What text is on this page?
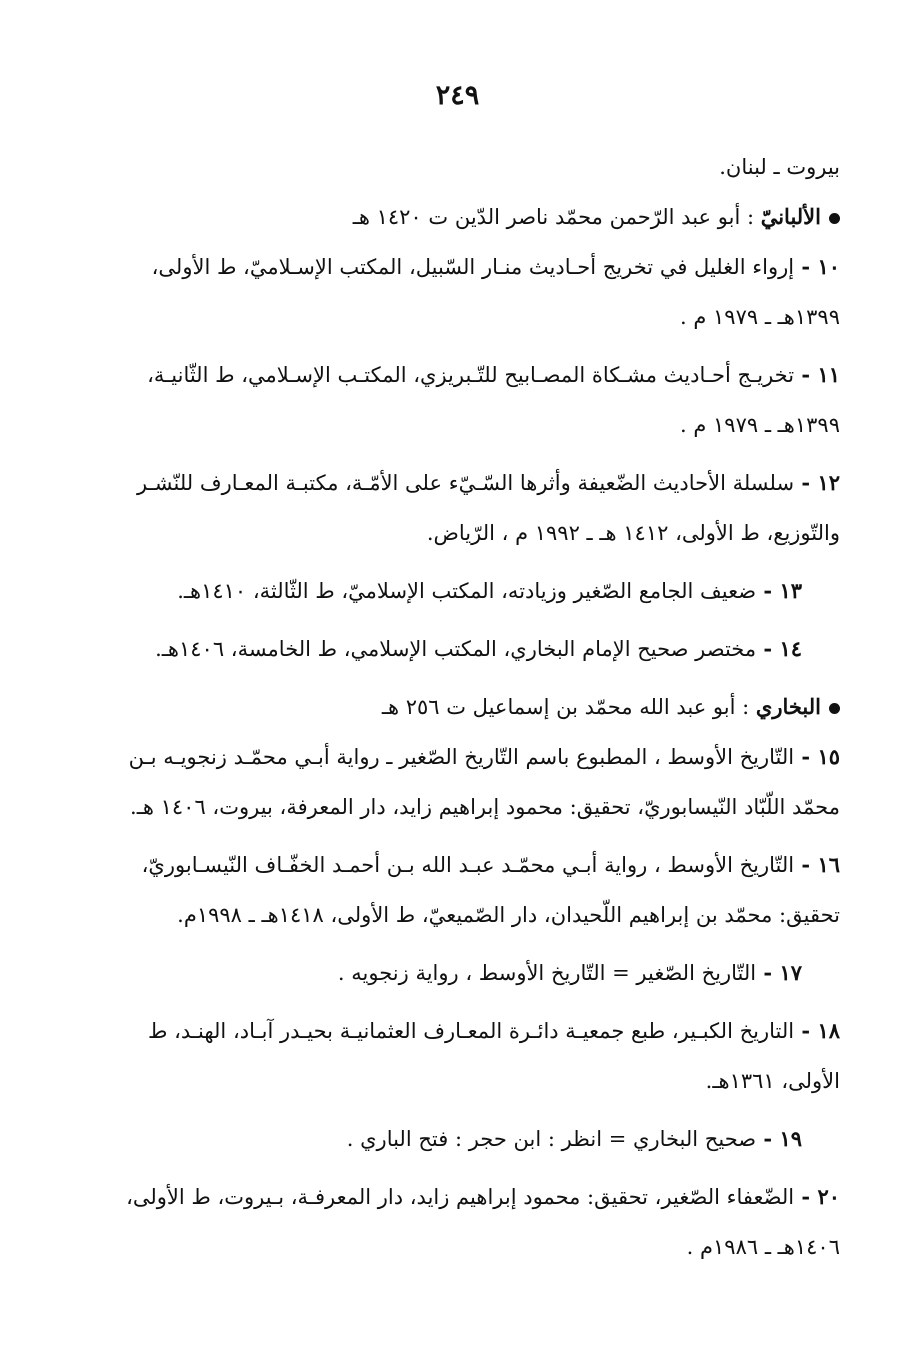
٢٤٩
بيروت ـ لبنان.
الألبانيّ : أبو عبد الرّحمن محمّد ناصر الدّين ت ١٤٢٠ هـ
١٠ - إرواء الغليل في تخريج أحـاديث منـار السّبيل، المكتب الإسـلاميّ، ط الأولى،
١٣٩٩هـ ـ ١٩٧٩ م .
١١ - تخريـج أحـاديث مشـكاة المصـابيح للتّـبريزي، المكتـب الإسـلامي، ط الثّانيـة،
١٣٩٩هـ ـ ١٩٧٩ م .
١٢ - سلسلة الأحاديث الضّعيفة وأثرها السّـيّء على الأمّـة، مكتبـة المعـارف للنّشـر
والتّوزيع، ط الأولى، ١٤١٢ هـ ـ ١٩٩٢ م ، الرّياض.
١٣ - ضعيف الجامع الصّغير وزيادته، المكتب الإسلاميّ، ط الثّالثة، ١٤١٠هـ.
١٤ - مختصر صحيح الإمام البخاري، المكتب الإسلامي، ط الخامسة، ١٤٠٦هـ.
البخاري : أبو عبد الله محمّد بن إسماعيل ت ٢٥٦ هـ
١٥ - التّاريخ الأوسط ، المطبوع باسم التّاريخ الصّغير ـ رواية أبـي محمّـد زنجويـه بـن
محمّد اللّبّاد النّيسابوريّ، تحقيق: محمود إبراهيم زايد، دار المعرفة، بيروت، ١٤٠٦ هـ.
١٦ - التّاريخ الأوسط ، رواية أبـي محمّـد عبـد الله بـن أحمـد الخفّـاف النّيسـابوريّ،
تحقيق: محمّد بن إبراهيم اللّحيدان، دار الصّميعيّ، ط الأولى، ١٤١٨هـ ـ ١٩٩٨م.
١٧ - التّاريخ الصّغير = التّاريخ الأوسط ، رواية زنجويه .
١٨ - التاريخ الكبـير، طبع جمعيـة دائـرة المعـارف العثمانيـة بحيـدر آبـاد، الهنـد، ط
الأولى، ١٣٦١هـ.
١٩ - صحيح البخاري = انظر : ابن حجر : فتح الباري .
٢٠ - الضّعفاء الصّغير، تحقيق: محمود إبراهيم زايد، دار المعرفـة، بـيروت، ط الأولى،
١٤٠٦هـ ـ ١٩٨٦م .
